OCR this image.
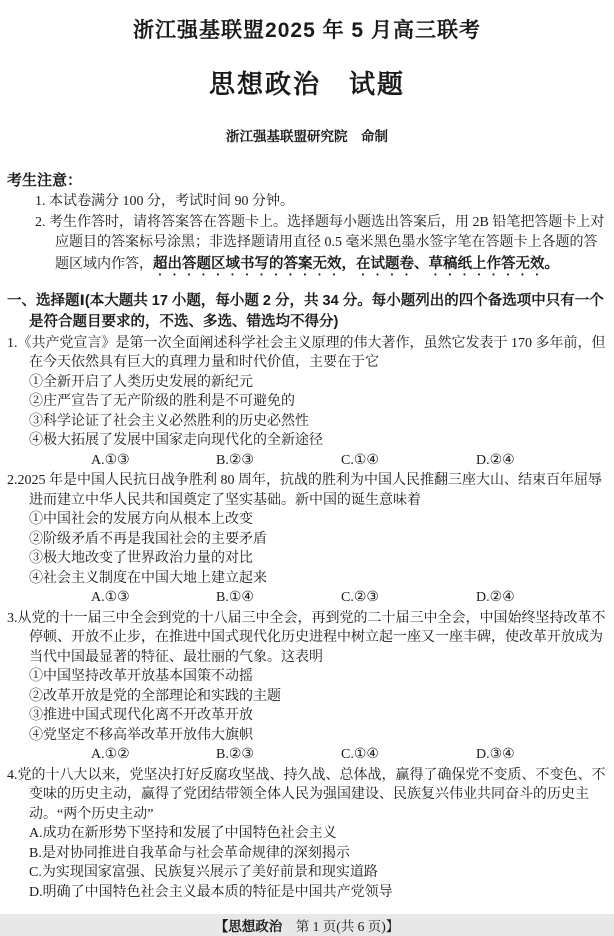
浙江强基联盟2025 年 5 月高三联考
思想政治　试题
浙江强基联盟研究院　命制
考生注意：
1. 本试卷满分 100 分，考试时间 90 分钟。
2. 考生作答时，请将答案答在答题卡上。选择题每小题选出答案后，用 2B 铅笔把答题卡上对应题目的答案标号涂黑；非选择题请用直径 0.5 毫米黑色墨水签字笔在答题卡上各题的答题区域内作答，超出答题区域书写的答案无效，在试题卷、草稿纸上作答无效。
一、选择题Ⅰ(本大题共 17 小题，每小题 2 分，共 34 分。每小题列出的四个备选项中只有一个是符合题目要求的，不选、多选、错选均不得分)

1.《共产党宣言》是第一次全面阐述科学社会主义原理的伟大著作，虽然它发表于 170 多年前，但在今天依然具有巨大的真理力量和时代价值，主要在于它

①全新开启了人类历史发展的新纪元
②庄严宣告了无产阶级的胜利是不可避免的
③科学论证了社会主义必然胜利的历史必然性
④极大拓展了发展中国家走向现代化的全新途径
A.①③	B.②③	C.①④	D.②④

2.2025 年是中国人民抗日战争胜利 80 周年，抗战的胜利为中国人民推翻三座大山、结束百年屈辱进而建立中华人民共和国奠定了坚实基础。新中国的诞生意味着

①中国社会的发展方向从根本上改变
②阶级矛盾不再是我国社会的主要矛盾
③极大地改变了世界政治力量的对比
④社会主义制度在中国大地上建立起来
A.①③	B.①④	C.②③	D.②④

3.从党的十一届三中全会到党的十八届三中全会，再到党的二十届三中全会，中国始终坚持改革不停顿、开放不止步，在推进中国式现代化历史进程中树立起一座又一座丰碑，使改革开放成为当代中国最显著的特征、最壮丽的气象。这表明

①中国坚持改革开放基本国策不动摇
②改革开放是党的全部理论和实践的主题
③推进中国式现代化离不开改革开放
④党坚定不移高举改革开放伟大旗帜
A.①②	B.②③	C.①④	D.③④

4.党的十八大以来，党坚决打好反腐攻坚战、持久战、总体战，赢得了确保党不变质、不变色、不变味的历史主动，赢得了党团结带领全体人民为强国建设、民族复兴伟业共同奋斗的历史主动。“两个历史主动”

A.成功在新形势下坚持和发展了中国特色社会主义
B.是对协同推进自我革命与社会革命规律的深刻揭示
C.为实现国家富强、民族复兴展示了美好前景和现实道路
D.明确了中国特色社会主义最本质的特征是中国共产党领导
【思想政治　第 1 页(共 6 页)】
